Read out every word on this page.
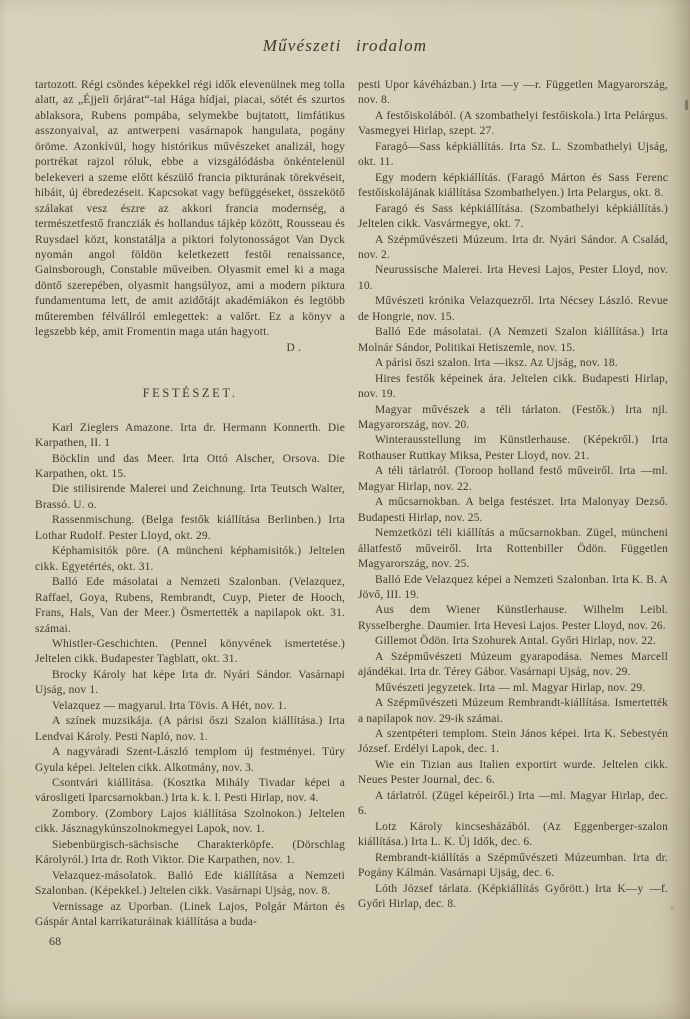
Művészeti irodalom

tartozott. Régi csöndes képekkel régi idők elevenülnek meg tolla alatt, az „Éjjeli őrjárat“-tal Hága hídjai, piacai, sötét és szurtos ablaksora, Rubens pompába, selymekbe bujtatott, limfátikus asszonyaival, az antwerpeni vasárnapok hangulata, pogány öröme. Azonkívül, hogy histórikus művészeket analizál, hogy portrékat rajzol róluk, ebbe a vizsgálódásba önkéntelenül belekeveri a szeme előtt készülő francia pikturának törekvéseit, hibáit, új ébredezéseit. Kapcsokat vagy befüggéseket, összekötő szálakat vesz észre az akkori francia modernség, a természetfestő francziák és hollandus tájkép között, Rousseau és Ruysdael közt, konstatálja a piktori folytonosságot Van Dyck nyomán angol földön keletkezett festői renaissance, Gainsborough, Constable műveiben. Olyasmit emel ki a maga döntő szerepében, olyasmit hangsúlyoz, ami a modern piktura fundamentuma lett, de amit azidőtájt akadémiákon és legtöbb műteremben félvállról emlegettek: a valőrt. Ez a könyv a legszebb kép, amit Fromentin maga után hagyott.

D .
FESTÉSZET.

Karl Zieglers Amazone. Irta dr. Hermann Konnerth. Die Karpathen, II. 1

Böcklin und das Meer. Irta Ottó Alscher, Orsova. Die Karpathen, okt. 15.

Die stilisirende Malerei und Zeichnung. Irta Teutsch Walter, Brassó. U. o.

Rassenmischung. (Belga festők kiállítása Berlinben.) Irta Lothar Rudolf. Pester Lloyd, okt. 29.

Képhamisitók pöre. (A müncheni képhamisitók.) Jeltelen cikk. Egyetértés, okt. 31.

Balló Ede másolatai a Nemzeti Szalonban. (Velazquez, Raffael, Goya, Rubens, Rembrandt, Cuyp, Pieter de Hooch, Frans, Hals, Van der Meer.) Ösmertették a napilapok okt. 31. számai.

Whistler-Geschichten. (Pennel könyvének ismertetése.) Jeltelen cikk. Budapester Tagblatt, okt. 31.

Brocky Károly hat képe Irta dr. Nyári Sándor. Vasárnapi Ujság, nov 1.

Velazquez — magyarul. Irta Tövis. A Hét, nov. 1.

A színek muzsikája. (A párisi őszi Szalon kiállítása.) Irta Lendvai Károly. Pesti Napló, nov. 1.

A nagyváradi Szent-László templom új festményei. Túry Gyula képei. Jeltelen cikk. Alkotmány, nov. 3.

Csontvári kiállítása. (Kosztka Mihály Tivadar képei a városligeti Iparcsarnokban.) Irta k. k. l. Pesti Hirlap, nov. 4.

Zombory. (Zombory Lajos kiállítása Szolnokon.) Jeltelen cikk. Jásznagykúnszolnokmegyei Lapok, nov. 1.

Siebenbürgisch-sächsische Charakterköpfe. (Dörschlag Károlyról.) Irta dr. Roth Viktor. Die Karpathen, nov. 1.

Velazquez-másolatok. Balló Ede kiállítása a Nemzeti Szalonban. (Képekkel.) Jeltelen cikk. Vasárnapi Ujság, nov. 8.

Vernissage az Uporban. (Linek Lajos, Polgár Márton és Gáspár Antal karrikaturáinak kiállítása a buda-

68

pesti Upor kávéházban.) Irta —y —r. Független Magyarország, nov. 8.

A festőiskolából. (A szombathelyi festőiskola.) Irta Pelárgus. Vasmegyei Hirlap, szept. 27.

Faragó—Sass képkiállítás. Irta Sz. L. Szombathelyi Ujság, okt. 11.

Egy modern képkiállítás. (Faragó Márton és Sass Ferenc festőiskolájának kiállítása Szombathelyen.) Irta Pelargus, okt. 8.

Faragó és Sass képkiállítása. (Szombathelyi képkiállítás.) Jeltelen cikk. Vasvármegye, okt. 7.

A Szépművészeti Múzeum. Irta dr. Nyári Sándor. A Család, nov. 2.

Neurussische Malerei. Irta Hevesi Lajos, Pester Lloyd, nov. 10.

Művészeti krónika Velazquezről. Irta Nécsey László. Revue de Hongrie, nov. 15.

Balló Ede másolatai. (A Nemzeti Szalon kiállítása.) Irta Molnár Sándor, Politikai Hetiszemle, nov. 15.

A párisi őszi szalon. Irta —iksz. Az Ujság, nov. 18.

Hires festők képeinek ára. Jeltelen cikk. Budapesti Hirlap, nov. 19.

Magyar művészek a téli tárlaton. (Festők.) Irta njl. Magyarország, nov. 20.

Winterausstellung im Künstlerhause. (Képekről.) Irta Rothauser Ruttkay Miksa, Pester Lloyd, nov. 21.

A téli tárlatról. (Toroop holland festő műveiről. Irta —ml. Magyar Hirlap, nov. 22.

A műcsarnokban. A belga festészet. Irta Malonyay Dezső. Budapesti Hirlap, nov. 25.

Nemzetközi téli kiállítás a műcsarnokban. Zügel, müncheni állatfestő műveiről. Irta Rottenbiller Ödön. Független Magyarország, nov. 25.

Balló Ede Velazquez képei a Nemzeti Szalonban. Irta K. B. A Jövő, III. 19.

Aus dem Wiener Künstlerhause. Wilhelm Leibl. Rysselberghe. Daumier. Irta Hevesi Lajos. Pester Lloyd, nov. 26.

Gillemot Ödön. Irta Szohurek Antal. Győri Hirlap, nov. 22.

A Szépművészeti Múzeum gyarapodása. Nemes Marcell ajándékai. Irta dr. Térey Gábor. Vasárnapi Ujság, nov. 29.

Művészeti jegyzetek. Irta — ml. Magyar Hirlap, nov. 29.

A Szépművészeti Múzeum Rembrandt-kiállítása. Ismertették a napilapok nov. 29-ik számai.

A szentpéteri templom. Stein János képei. Irta K. Sebestyén József. Erdélyi Lapok, dec. 1.

Wie ein Tizian aus Italien exportirt wurde. Jeltelen cikk. Neues Pester Journal, dec. 6.

A tárlatról. (Zügel képeiről.) Irta —ml. Magyar Hirlap, dec. 6.

Lotz Károly kincsesházából. (Az Eggenberger-szalon kiállítása.) Irta L. K. Új Idők, dec. 6.

Rembrandt-kiállítás a Szépművészeti Múzeumban. Irta dr. Pogány Kálmán. Vasárnapi Ujság, dec. 6.

Lóth József tárlata. (Képkiállítás Győrött.) Irta K—y —f. Győri Hirlap, dec. 8.
